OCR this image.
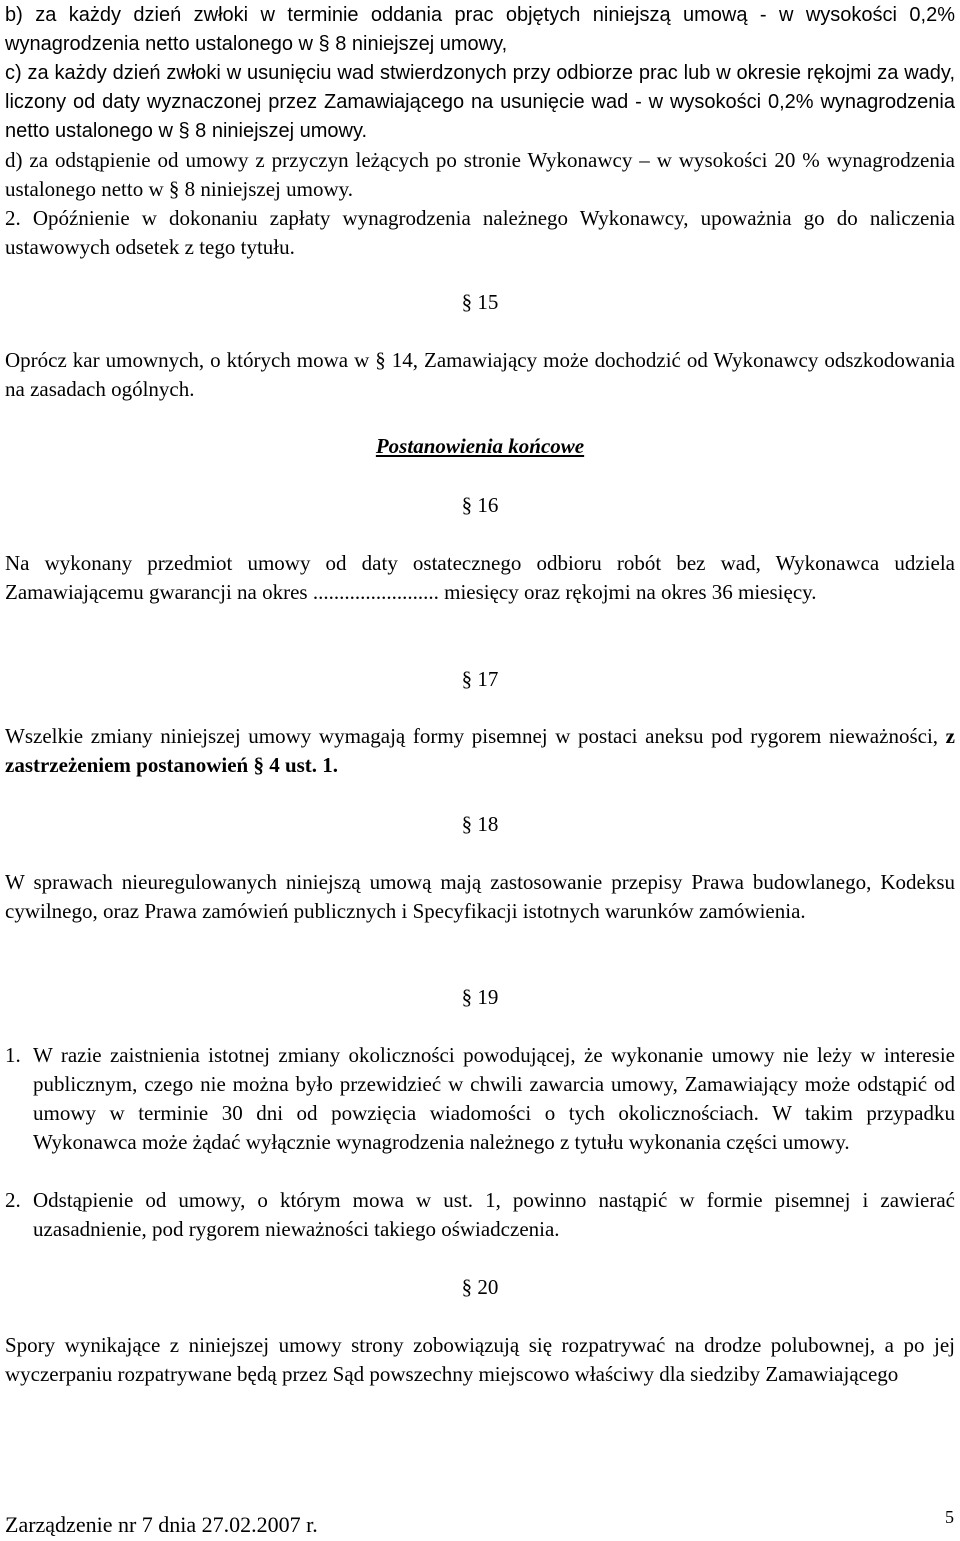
b) za każdy dzień zwłoki w terminie oddania prac objętych niniejszą umową - w wysokości 0,2% wynagrodzenia netto ustalonego w § 8 niniejszej umowy,

c) za każdy dzień zwłoki w usunięciu wad stwierdzonych przy odbiorze prac lub w okresie rękojmi za wady, liczony od daty wyznaczonej przez Zamawiającego na usunięcie wad - w wysokości 0,2% wynagrodzenia netto ustalonego w § 8 niniejszej umowy.

d) za odstąpienie od umowy z przyczyn leżących po stronie Wykonawcy – w wysokości 20 % wynagrodzenia ustalonego netto w § 8 niniejszej umowy.

2. Opóźnienie w dokonaniu zapłaty wynagrodzenia należnego Wykonawcy, upoważnia go do naliczenia ustawowych odsetek z tego tytułu.

§ 15

Oprócz kar umownych, o których mowa w § 14, Zamawiający może dochodzić od Wykonawcy odszkodowania na zasadach ogólnych.

Postanowienia końcowe
§ 16

Na wykonany przedmiot umowy od daty ostatecznego odbioru robót bez wad, Wykonawca udziela Zamawiającemu gwarancji na okres ........................ miesięcy oraz rękojmi na okres 36 miesięcy.

§ 17

Wszelkie zmiany niniejszej umowy wymagają formy pisemnej w postaci aneksu pod rygorem nieważności, z zastrzeżeniem postanowień § 4 ust. 1.

§ 18

W sprawach nieuregulowanych niniejszą umową mają zastosowanie przepisy Prawa budowlanego, Kodeksu cywilnego, oraz Prawa zamówień publicznych i Specyfikacji istotnych warunków zamówienia.

§ 19
1. W razie zaistnienia istotnej zmiany okoliczności powodującej, że wykonanie umowy nie leży w interesie publicznym, czego nie można było przewidzieć w chwili zawarcia umowy, Zamawiający może odstąpić od umowy w terminie 30 dni od powzięcia wiadomości o tych okolicznościach. W takim przypadku Wykonawca może żądać wyłącznie wynagrodzenia należnego z tytułu wykonania części umowy.
2. Odstąpienie od umowy, o którym mowa w ust. 1, powinno nastąpić w formie pisemnej i zawierać uzasadnienie, pod rygorem nieważności takiego oświadczenia.
§ 20

Spory wynikające z niniejszej umowy strony zobowiązują się rozpatrywać na drodze polubownej, a po jej wyczerpaniu rozpatrywane będą przez Sąd powszechny miejscowo właściwy dla siedziby Zamawiającego

Zarządzenie nr 7 dnia 27.02.2007 r.	5
